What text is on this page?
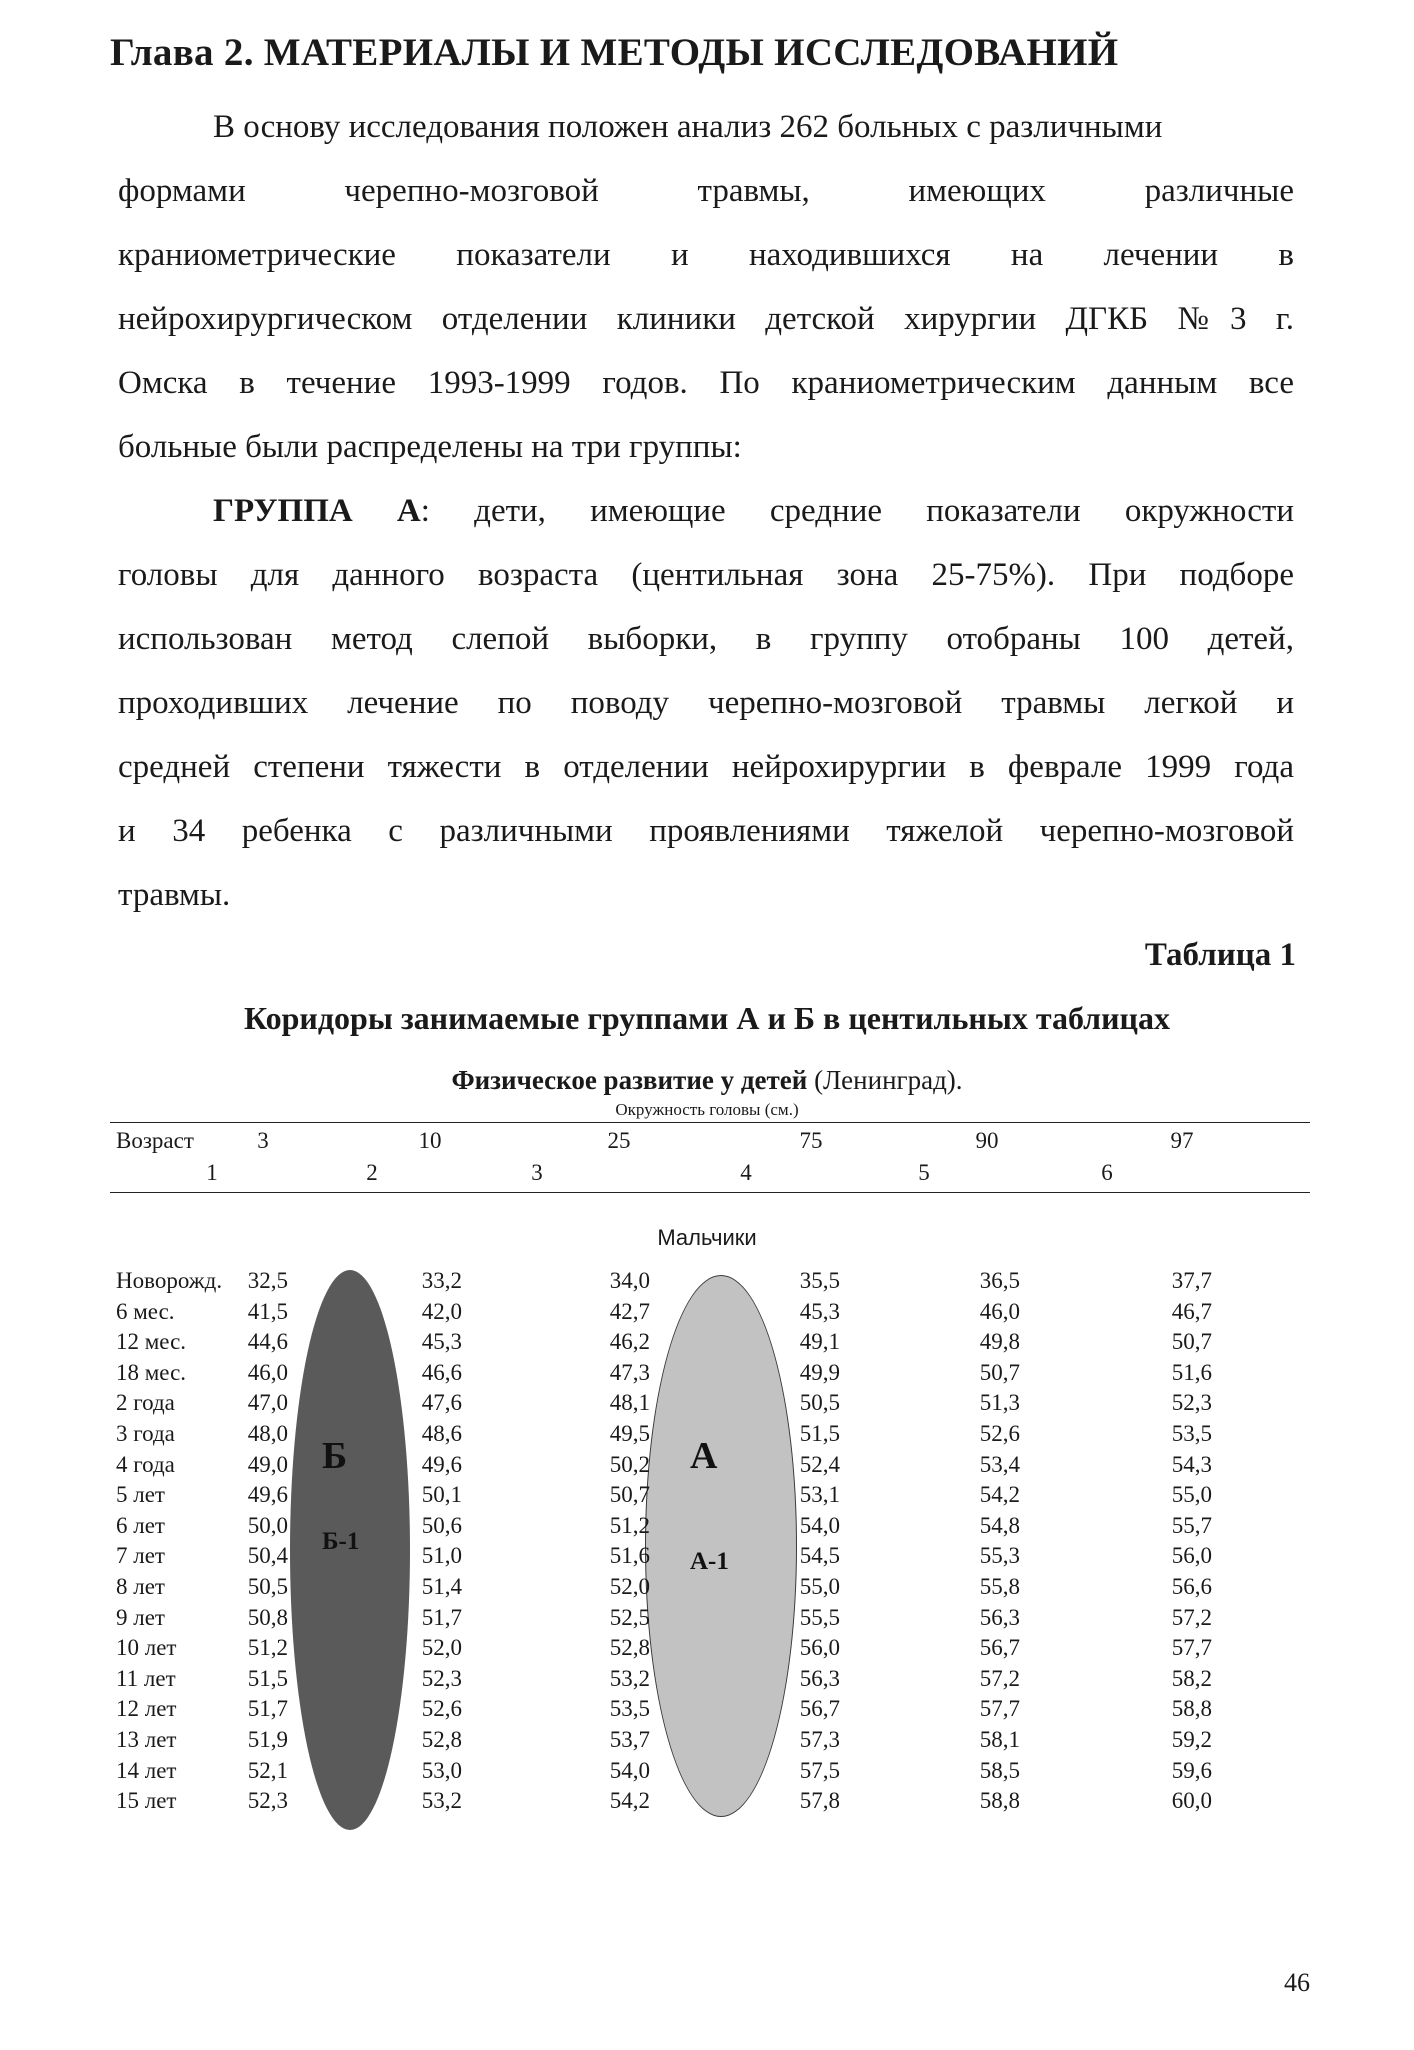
Глава 2. МАТЕРИАЛЫ И МЕТОДЫ ИССЛЕДОВАНИЙ
В основу исследования положен анализ 262 больных с различными
формами черепно-мозговой травмы, имеющих различные
краниометрические показатели и находившихся на лечении в
нейрохирургическом отделении клиники детской хирургии ДГКБ №3 г.
Омска в течение 1993-1999 годов. По краниометрическим данным все
больные были распределены на три группы:
ГРУППА А: дети, имеющие средние показатели окружности
головы для данного возраста (центильная зона 25-75%). При подборе
использован метод слепой выборки, в группу отобраны 100 детей,
проходивших лечение по поводу черепно-мозговой травмы легкой и
средней степени тяжести в отделении нейрохирургии в феврале 1999 года
и 34 ребенка с различными проявлениями тяжелой черепно-мозговой
травмы.
Таблица 1
Коридоры занимаемые группами А и Б в центильных таблицах
Физическое развитие у детей (Ленинград).
Окружность головы (см.)
Возраст	3	10	25	75	90	97
1	2	3	4	5	6
Мальчики
Новорожд.	32,5	33,2	34,0	35,5	36,5	37,7
6 мес.	41,5	42,0	42,7	45,3	46,0	46,7
12 мес.	44,6	45,3	46,2	49,1	49,8	50,7
18 мес.	46,0	46,6	47,3	49,9	50,7	51,6
2 года	47,0	47,6	48,1	50,5	51,3	52,3
3 года	48,0	48,6	49,5	51,5	52,6	53,5
4 года	49,0	49,6	50,2	52,4	53,4	54,3
5 лет	49,6	50,1	50,7	53,1	54,2	55,0
6 лет	50,0	50,6	51,2	54,0	54,8	55,7
7 лет	50,4	51,0	51,6	54,5	55,3	56,0
8 лет	50,5	51,4	52,0	55,0	55,8	56,6
9 лет	50,8	51,7	52,5	55,5	56,3	57,2
10 лет	51,2	52,0	52,8	56,0	56,7	57,7
11 лет	51,5	52,3	53,2	56,3	57,2	58,2
12 лет	51,7	52,6	53,5	56,7	57,7	58,8
13 лет	51,9	52,8	53,7	57,3	58,1	59,2
14 лет	52,1	53,0	54,0	57,5	58,5	59,6
15 лет	52,3	53,2	54,2	57,8	58,8	60,0
Б
Б-1
А
А-1
46
